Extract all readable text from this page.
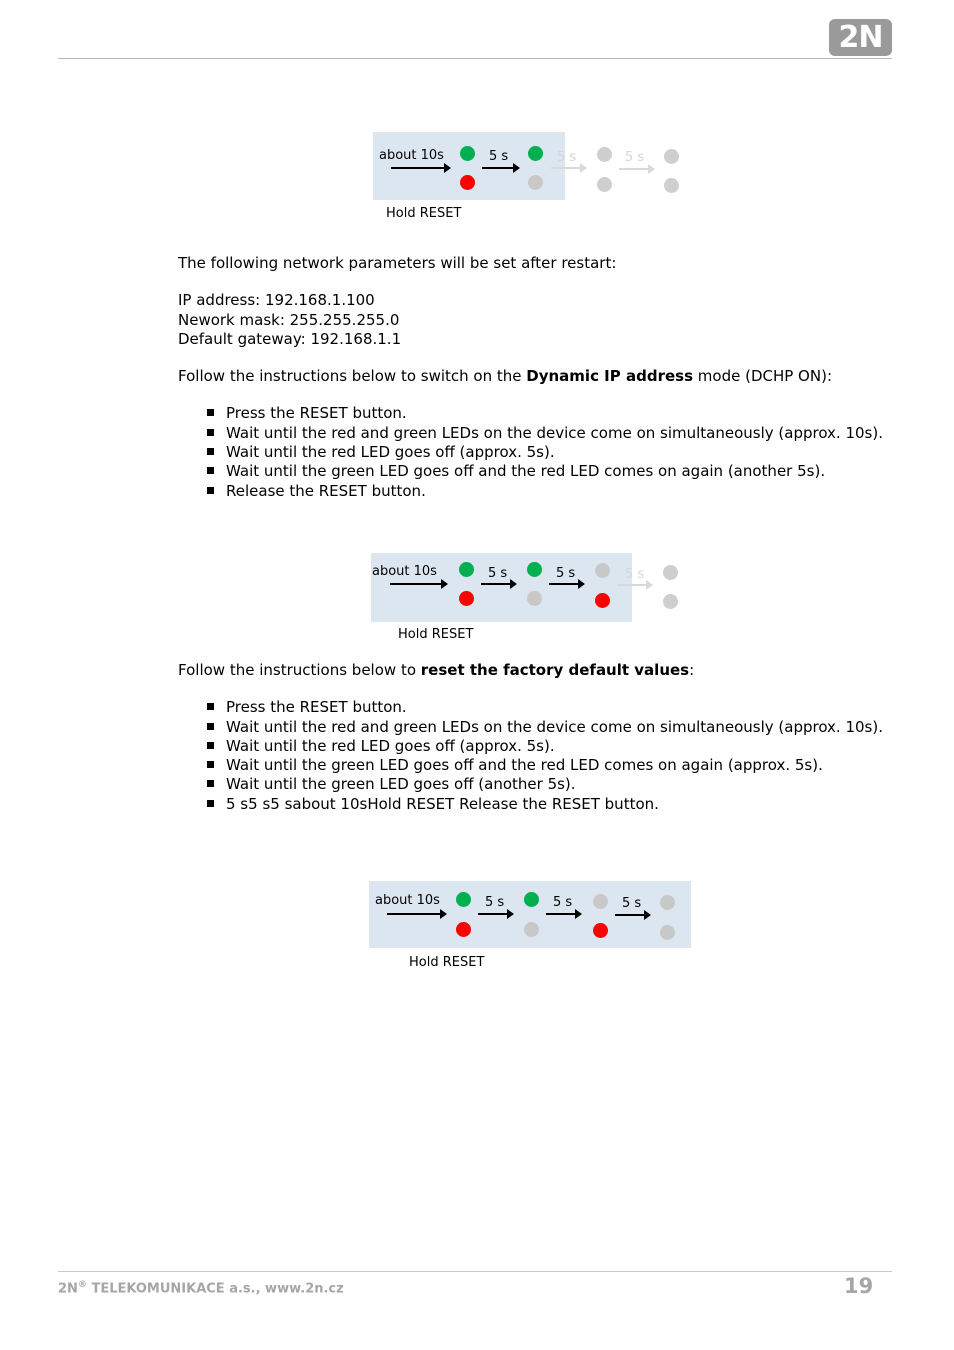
2N
about 10s	5 s	5 s	5 s
Hold RESET

The following network parameters will be set after restart:

IP address: 192.168.1.100

Nework mask: 255.255.255.0

Default gateway: 192.168.1.1

Follow the instructions below to switch on the Dynamic IP address mode (DCHP ON):

Press the RESET button.
Wait until the red and green LEDs on the device come on simultaneously (approx. 10s).
Wait until the red LED goes off (approx. 5s).
Wait until the green LED goes off and the red LED comes on again (another 5s).
Release the RESET button.

Follow the instructions below to reset the factory default values:

Press the RESET button.
Wait until the red and green LEDs on the device come on simultaneously (approx. 10s).
Wait until the red LED goes off (approx. 5s).
Wait until the green LED goes off and the red LED comes on again (approx. 5s).
Wait until the green LED goes off (another 5s).
5 s5 s5 sabout 10sHold RESET Release the RESET button.
about 10s	5 s	5 s	5 s
Hold RESET
about 10s	5 s	5 s	5 s
Hold RESET
2N® TELEKOMUNIKACE a.s., www.2n.cz	19
